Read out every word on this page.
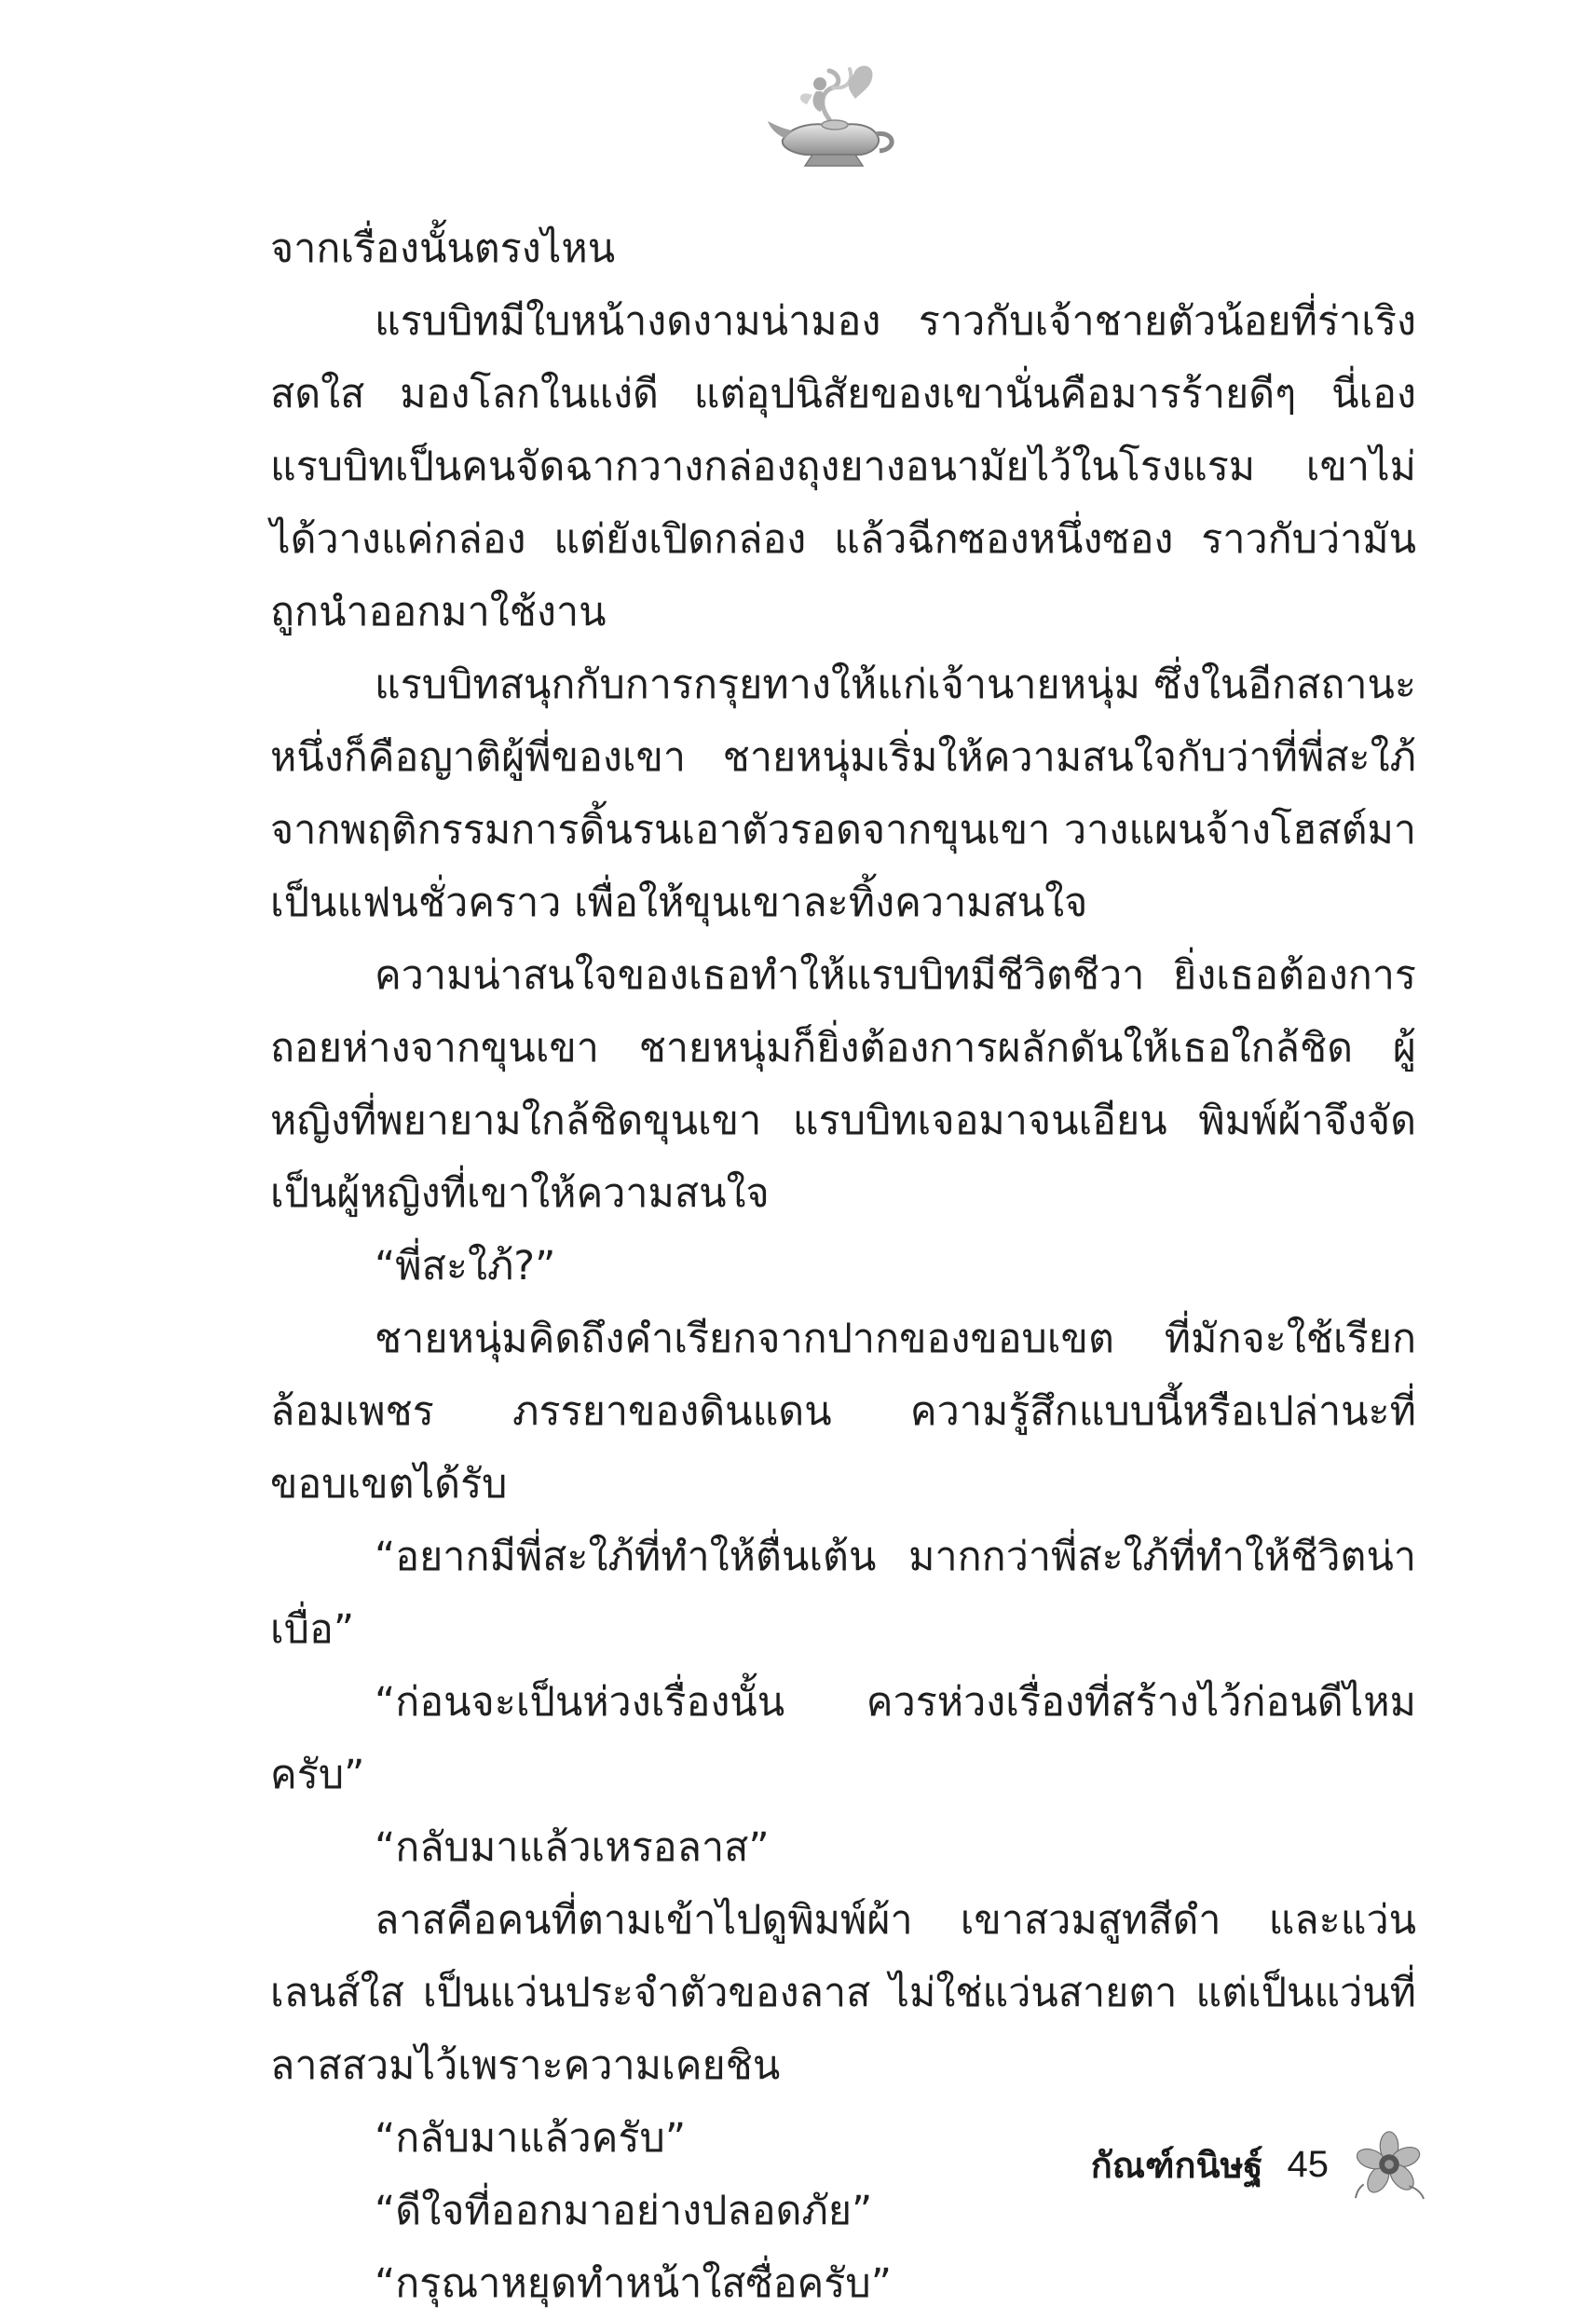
จากเรื่องนั้นตรงไหน

แรบบิทมีใบหน้างดงามน่ามอง ราวกับเจ้าชายตัวน้อยที่ร่าเริงสดใส มองโลกในแง่ดี แต่อุปนิสัยของเขานั่นคือมารร้ายดีๆ นี่เอง แรบบิทเป็นคนจัดฉากวางกล่องถุงยางอนามัยไว้ในโรงแรม เขาไม่ได้วางแค่กล่อง แต่ยังเปิดกล่อง แล้วฉีกซองหนึ่งซอง ราวกับว่ามันถูกนำออกมาใช้งาน

แรบบิทสนุกกับการกรุยทางให้แก่เจ้านายหนุ่ม ซึ่งในอีกสถานะหนึ่งก็คือญาติผู้พี่ของเขา ชายหนุ่มเริ่มให้ความสนใจกับว่าที่พี่สะใภ้จากพฤติกรรมการดิ้นรนเอาตัวรอดจากขุนเขา วางแผนจ้างโฮสต์มาเป็นแฟนชั่วคราว เพื่อให้ขุนเขาละทิ้งความสนใจ

ความน่าสนใจของเธอทำให้แรบบิทมีชีวิตชีวา ยิ่งเธอต้องการถอยห่างจากขุนเขา ชายหนุ่มก็ยิ่งต้องการผลักดันให้เธอใกล้ชิด ผู้หญิงที่พยายามใกล้ชิดขุนเขา แรบบิทเจอมาจนเอียน พิมพ์ผ้าจึงจัดเป็นผู้หญิงที่เขาให้ความสนใจ

“พี่สะใภ้?”

ชายหนุ่มคิดถึงคำเรียกจากปากของขอบเขต ที่มักจะใช้เรียกล้อมเพชร ภรรยาของดินแดน ความรู้สึกแบบนี้หรือเปล่านะที่ขอบเขตได้รับ

“อยากมีพี่สะใภ้ที่ทำให้ตื่นเต้น มากกว่าพี่สะใภ้ที่ทำให้ชีวิตน่าเบื่อ”

“ก่อนจะเป็นห่วงเรื่องนั้น ควรห่วงเรื่องที่สร้างไว้ก่อนดีไหมครับ”

“กลับมาแล้วเหรอลาส”

ลาสคือคนที่ตามเข้าไปดูพิมพ์ผ้า เขาสวมสูทสีดำ และแว่นเลนส์ใส เป็นแว่นประจำตัวของลาส ไม่ใช่แว่นสายตา แต่เป็นแว่นที่ลาสสวมไว้เพราะความเคยชิน

“กลับมาแล้วครับ”

“ดีใจที่ออกมาอย่างปลอดภัย”

“กรุณาหยุดทำหน้าใสซื่อครับ”

กัณฑ์กนิษฐ์ 45
